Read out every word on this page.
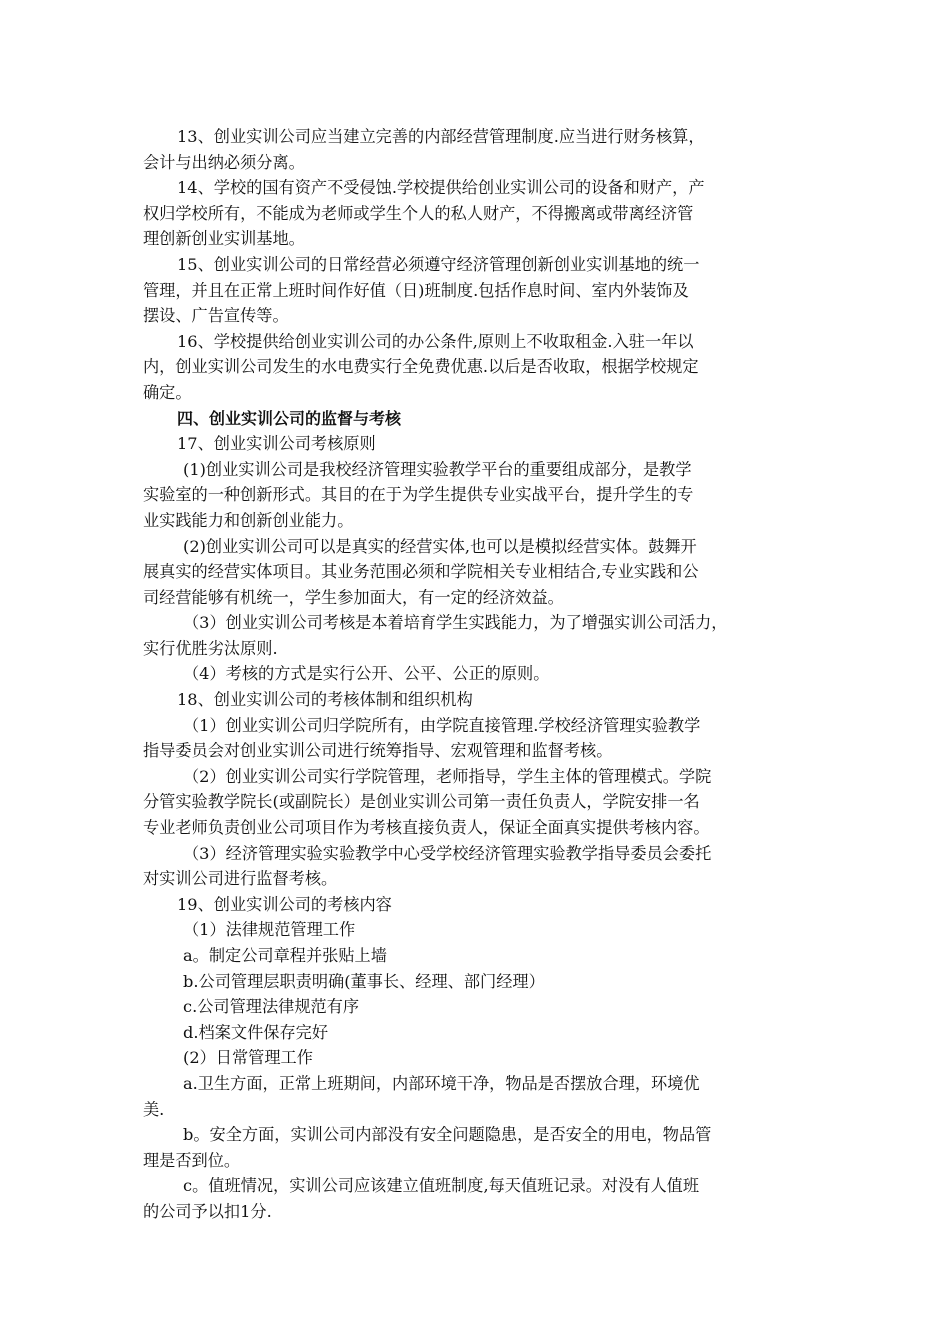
13、创业实训公司应当建立完善的内部经营管理制度.应当进行财务核算，
会计与出纳必须分离。
14、学校的国有资产不受侵蚀.学校提供给创业实训公司的设备和财产，产
权归学校所有，不能成为老师或学生个人的私人财产，不得搬离或带离经济管
理创新创业实训基地。
15、创业实训公司的日常经营必须遵守经济管理创新创业实训基地的统一
管理，并且在正常上班时间作好值（日)班制度.包括作息时间、室内外装饰及
摆设、广告宣传等。
16、学校提供给创业实训公司的办公条件,原则上不收取租金.入驻一年以
内，创业实训公司发生的水电费实行全免费优惠.以后是否收取，根据学校规定
确定。
四、创业实训公司的监督与考核
17、创业实训公司考核原则
(1)创业实训公司是我校经济管理实验教学平台的重要组成部分，是教学
实验室的一种创新形式。其目的在于为学生提供专业实战平台，提升学生的专
业实践能力和创新创业能力。
(2)创业实训公司可以是真实的经营实体,也可以是模拟经营实体。鼓舞开
展真实的经营实体项目。其业务范围必须和学院相关专业相结合,专业实践和公
司经营能够有机统一，学生参加面大，有一定的经济效益。
（3）创业实训公司考核是本着培育学生实践能力，为了增强实训公司活力，
实行优胜劣汰原则.
（4）考核的方式是实行公开、公平、公正的原则。
18、创业实训公司的考核体制和组织机构
（1）创业实训公司归学院所有，由学院直接管理.学校经济管理实验教学
指导委员会对创业实训公司进行统筹指导、宏观管理和监督考核。
（2）创业实训公司实行学院管理，老师指导，学生主体的管理模式。学院
分管实验教学院长(或副院长）是创业实训公司第一责任负责人，学院安排一名
专业老师负责创业公司项目作为考核直接负责人，保证全面真实提供考核内容。
（3）经济管理实验实验教学中心受学校经济管理实验教学指导委员会委托
对实训公司进行监督考核。
19、创业实训公司的考核内容
（1）法律规范管理工作
a。制定公司章程并张贴上墙
b.公司管理层职责明确(董事长、经理、部门经理）
c.公司管理法律规范有序
d.档案文件保存完好
(2）日常管理工作
a.卫生方面，正常上班期间，内部环境干净，物品是否摆放合理，环境优
美.
b。安全方面，实训公司内部没有安全问题隐患，是否安全的用电，物品管
理是否到位。
c。值班情况，实训公司应该建立值班制度,每天值班记录。对没有人值班
的公司予以扣1分.
